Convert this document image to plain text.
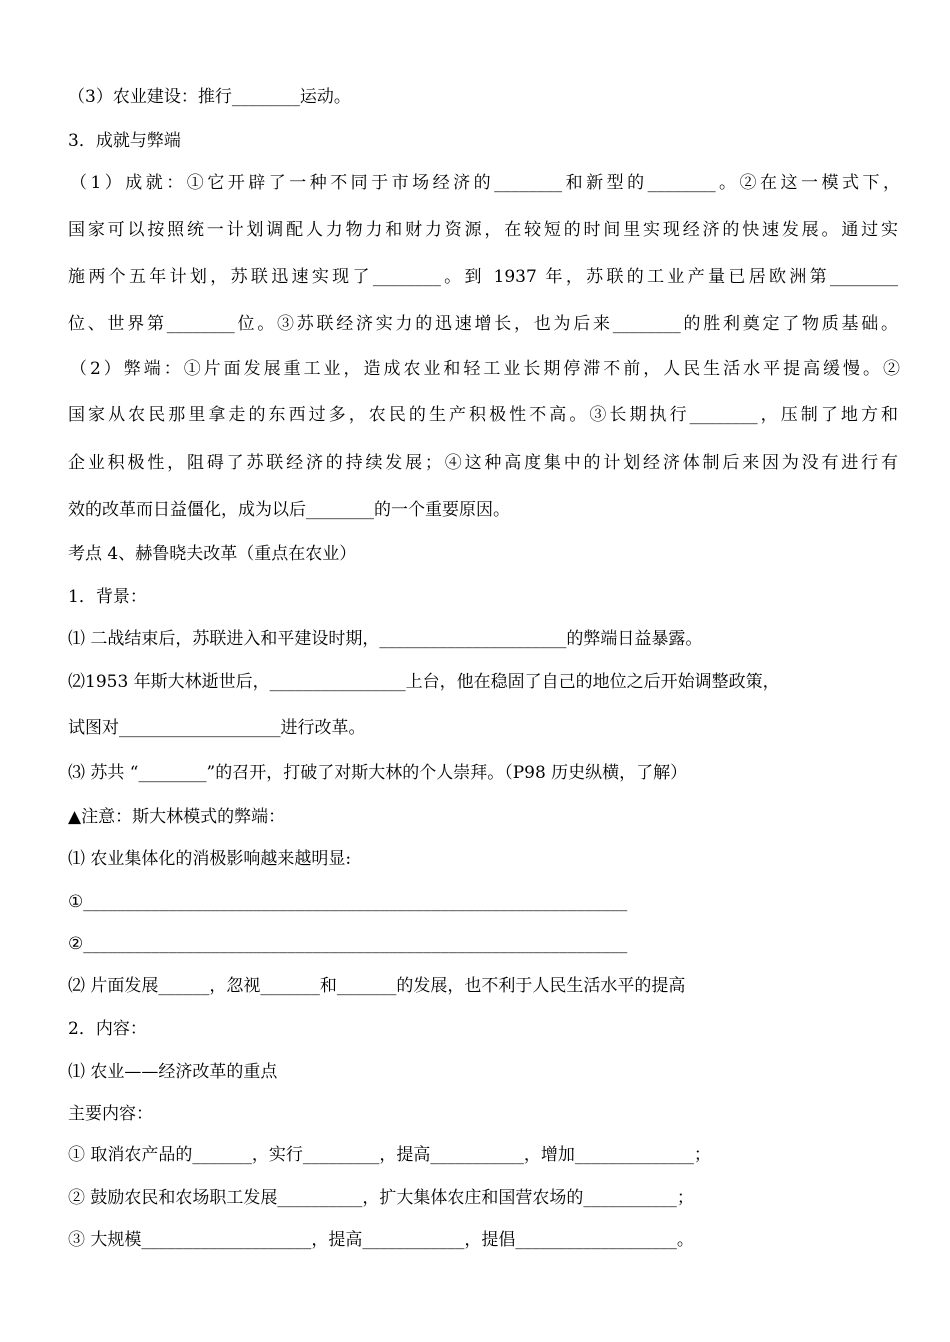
（3）农业建设：推行________运动。
3．成就与弊端
（1）成就：①它开辟了一种不同于市场经济的________和新型的________。②在这一模式下，
国家可以按照统一计划调配人力物力和财力资源，在较短的时间里实现经济的快速发展。通过实
施两个五年计划，苏联迅速实现了________。到 1937 年，苏联的工业产量已居欧洲第________
位、世界第________位。③苏联经济实力的迅速增长，也为后来________的胜利奠定了物质基础。
（2）弊端：①片面发展重工业，造成农业和轻工业长期停滞不前，人民生活水平提高缓慢。②
国家从农民那里拿走的东西过多，农民的生产积极性不高。③长期执行________，压制了地方和
企业积极性，阻碍了苏联经济的持续发展；④这种高度集中的计划经济体制后来因为没有进行有
效的改革而日益僵化，成为以后________的一个重要原因。
考点 4、赫鲁晓夫改革（重点在农业）
1．背景：
⑴ 二战结束后，苏联进入和平建设时期，______________________的弊端日益暴露。
⑵1953 年斯大林逝世后，________________上台，他在稳固了自己的地位之后开始调整政策，
试图对___________________进行改革。
⑶ 苏共 “________”的召开，打破了对斯大林的个人崇拜。（P98 历史纵横，了解）
▲注意：斯大林模式的弊端：
⑴ 农业集体化的消极影响越来越明显:
①________________________________________________________________
②________________________________________________________________
⑵ 片面发展______，忽视_______和_______的发展，也不利于人民生活水平的提高
2．内容：
⑴ 农业——经济改革的重点
主要内容：
① 取消农产品的_______，实行_________，提高___________，增加______________；
② 鼓励农民和农场职工发展__________，扩大集体农庄和国营农场的___________；
③ 大规模____________________，提高____________，提倡___________________。
